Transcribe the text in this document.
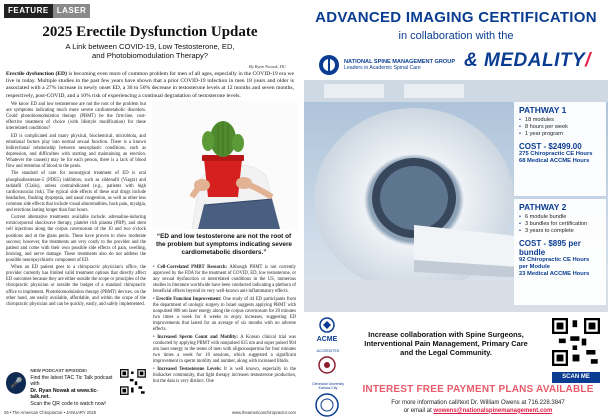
FEATURE	LASER
2025 Erectile Dysfunction Update
A Link between COVID-19, Low Testosterone, ED,
and Photobiomodulation Therapy?
By Ryan Nowak, DC

Erectile dysfunction (ED) is becoming even more of common problem for men of all ages, especially in the COVID-19 era we live in today. Multiple studies in the past few years have shown that a prior COVID-19 infection in men 18 years and older is associated with a 27% increase in newly onset ED, a 30 to 50% decrease in testosterone levels at 12 months and seven months, respectively, post-COVID, and a 10% risk of experiencing a continual degradation of testosterone levels.

We know ED and low testosterone are not the root of the problem but are symptoms indicating much more severe cardiometabolic disorders. Could photobiomodulation therapy (PBMT) be the first-line, cost-effective treatment of choice (with lifestyle modification) for these interrelated conditions?

ED is complicated and many physical, biochemical, microbiota, and emotional factors play into normal sexual function. There is a known bidirectional relationship between neuroplastic conditions, such as depression, and difficulties with starting and maintaining an erection. Whatever the cause(s) may be for each person, there is a lack of blood flow and retention of blood to the penis.

The standard of care for nonsurgical treatment of ED is oral phosphodiesterase-5 (PDE5) inhibitors, such as sildenafil (Viagra) and tadalafil (Cialis), unless contraindicated (e.g., patients with high cardiovascular risk). The typical side effects of these oral drugs include headaches, flushing dyspepsia, and nasal congestion, as well as other less common side effects that include visual abnormalities, back pain, myalgia, and erections lasting longer than four hours.

Current alternative treatments available include: adrenaline-inducing extracorporeal shockwave therapy, platelet rich plasma (PRP), and stem cell injections along the corpus cavernosum of the 10 and two o'clock positions and at the glans penis. These have proven to show moderate success; however, the treatments are very costly to the provider and the patient and come with their own possible side effects of pain, swelling, bruising, and nerve damage. These treatments also do not address the possible neuropsychiatric component of ED.

When an ED patient goes to a chiropractic physician's office, the provider currently has limited valid treatment options that directly affect ED outcomes because they are either outside the scope or principles of the chiropractic physician or outside the budget of a standard chiropractic office to implement. Photobiomodulation therapy (PBMT) devices, on the other hand, are easily available, affordable, and within the scope of the chiropractic physician and can be quickly, easily, and safely implemented.

“ED and low testosterone are not the root of the problem but symptoms indicating severe cardiometabolic disorders.”
• Cell-Correlated PMBT Research: Although PBMT is not currently approved by the FDA for the treatment of COVID, ED, low testosterone, or any sexual dysfunction or interrelated conditions in the US, numerous studies in literature worldwide have been conducted indicating a plethora of beneficial effects beyond its very well-known anti-inflammatory effects.
• Erectile Function Improvement: One study of 44 ED participants from the department of urologic surgery in Israel suggests applying PBMT with nonpulsed 808 nm laser energy along the corpus cavernosum for 20 minutes two times a week for 6 weeks to enjoy increases, suggesting ED improvements that lasted for an average of six months with no adverse effects.
• Increased Sperm Count and Motility: A Korean clinical trial was conducted by applying PBMT with nonpulsed 635 nm and super pulsed 904 nm laser energy to the testes of men with oligozoospermia for four minutes two times a week for 10 sessions, which suggested a significant improvement in sperm motility and number, along with increased libido.
• Increased Testosterone Levels: It is well known, especially in the biohacker community, that light therapy increases testosterone production, but the data is very distinct. One
🎤
NEW PODCAST EPISODE!
Find the latest TAC Tic Talk podcast with
Dr. Ryan Nowak at www.tic-talk.net.
Scan the QR code to watch now!
26 • The American Chiropractor • JANUARY 2025	www.theamericanchiropractor.com
ADVANCED IMAGING CERTIFICATION
in collaboration with the
NATIONAL SPINE MANAGEMENT GROUP
Leaders in Academic Spinal Care	& MEDALITY/
PATHWAY 1
• 18 modules
• 8 hours per week
• 1 year program
COST - $2499.00
275 Chiropractic CE Hours
68 Medical ACCME Hours
PATHWAY 2
• 6 module bundle
• 3 bundles for certification
• 3 years to complete
COST - $895 per bundle
92 Chiropractic CE Hours
per Module
23 Medical ACCME Hours
ACME
ACCREDITED
Cleveland University Kansas City
Increase collaboration with Spine Surgeons, Interventional Pain Management, Primary Care and the Legal Community.
SCAN ME
INTEREST FREE PAYMENT PLANS AVAILABLE
For more information call/text Dr. William Owens at 716.228.3847
or email at wowens@nationalspinemanagement.com
